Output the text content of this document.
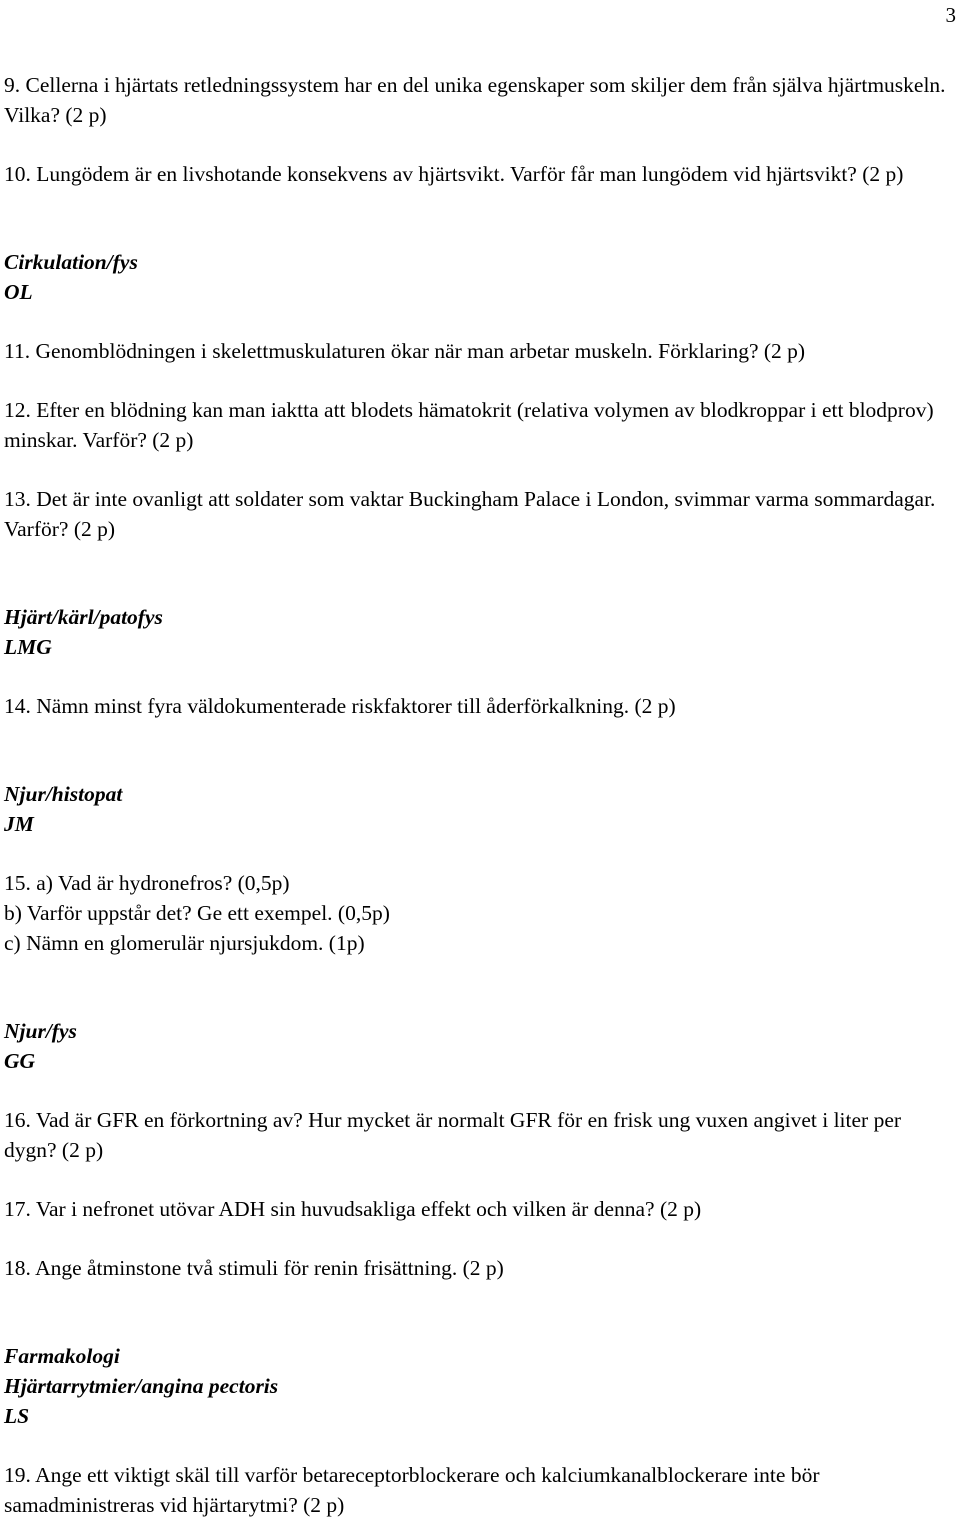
3

9. Cellerna i hjärtats retledningssystem har en del unika egenskaper som skiljer dem från själva hjärtmuskeln. Vilka? (2 p)

10. Lungödem är en livshotande konsekvens av hjärtsvikt. Varför får man lungödem vid hjärtsvikt? (2 p)

Cirkulation/fys

OL

11. Genomblödningen i skelettmuskulaturen ökar när man arbetar muskeln. Förklaring? (2 p)

12. Efter en blödning kan man iaktta att blodets hämatokrit (relativa volymen av blodkroppar i ett blodprov) minskar. Varför? (2 p)

13. Det är inte ovanligt att soldater som vaktar Buckingham Palace i London, svimmar varma sommardagar. Varför? (2 p)

Hjärt/kärl/patofys

LMG

14. Nämn minst fyra väldokumenterade riskfaktorer till åderförkalkning. (2 p)

Njur/histopat

JM

15. a) Vad är hydronefros? (0,5p)

b) Varför uppstår det? Ge ett exempel. (0,5p)

c) Nämn en glomerulär njursjukdom. (1p)

Njur/fys

GG

16. Vad är GFR en förkortning av? Hur mycket är normalt GFR för en frisk ung vuxen angivet i liter per dygn? (2 p)

17. Var i nefronet utövar ADH sin huvudsakliga effekt och vilken är denna? (2 p)

18. Ange åtminstone två stimuli för renin frisättning. (2 p)

Farmakologi

Hjärtarrytmier/angina pectoris

LS

19. Ange ett viktigt skäl till varför betareceptorblockerare och kalciumkanalblockerare inte bör samadministreras vid hjärtarytmi? (2 p)
